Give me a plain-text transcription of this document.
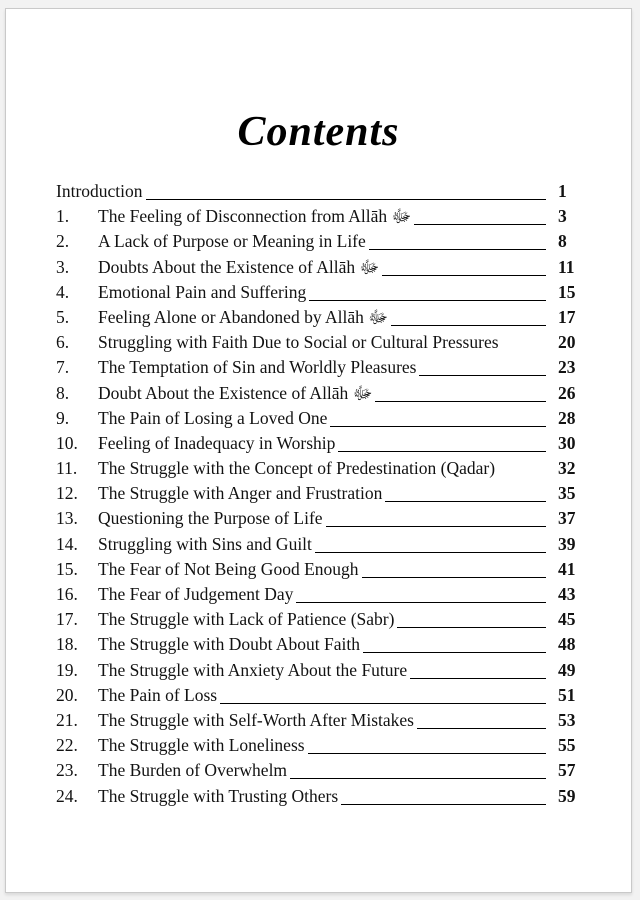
Contents
Introduction	1
1.	The Feeling of Disconnection from Allāh ﷻ	3
2.	A Lack of Purpose or Meaning in Life	8
3.	Doubts About the Existence of Allāh ﷻ	11
4.	Emotional Pain and Suffering	15
5.	Feeling Alone or Abandoned by Allāh ﷻ	17
6.	Struggling with Faith Due to Social or Cultural Pressures	20
7.	The Temptation of Sin and Worldly Pleasures	23
8.	Doubt About the Existence of Allāh ﷻ	26
9.	The Pain of Losing a Loved One	28
10.	Feeling of Inadequacy in Worship	30
11.	The Struggle with the Concept of Predestination (Qadar)	32
12.	The Struggle with Anger and Frustration	35
13.	Questioning the Purpose of Life	37
14.	Struggling with Sins and Guilt	39
15.	The Fear of Not Being Good Enough	41
16.	The Fear of Judgement Day	43
17.	The Struggle with Lack of Patience (Sabr)	45
18.	The Struggle with Doubt About Faith	48
19.	The Struggle with Anxiety About the Future	49
20.	The Pain of Loss	51
21.	The Struggle with Self-Worth After Mistakes	53
22.	The Struggle with Loneliness	55
23.	The Burden of Overwhelm	57
24.	The Struggle with Trusting Others	59
